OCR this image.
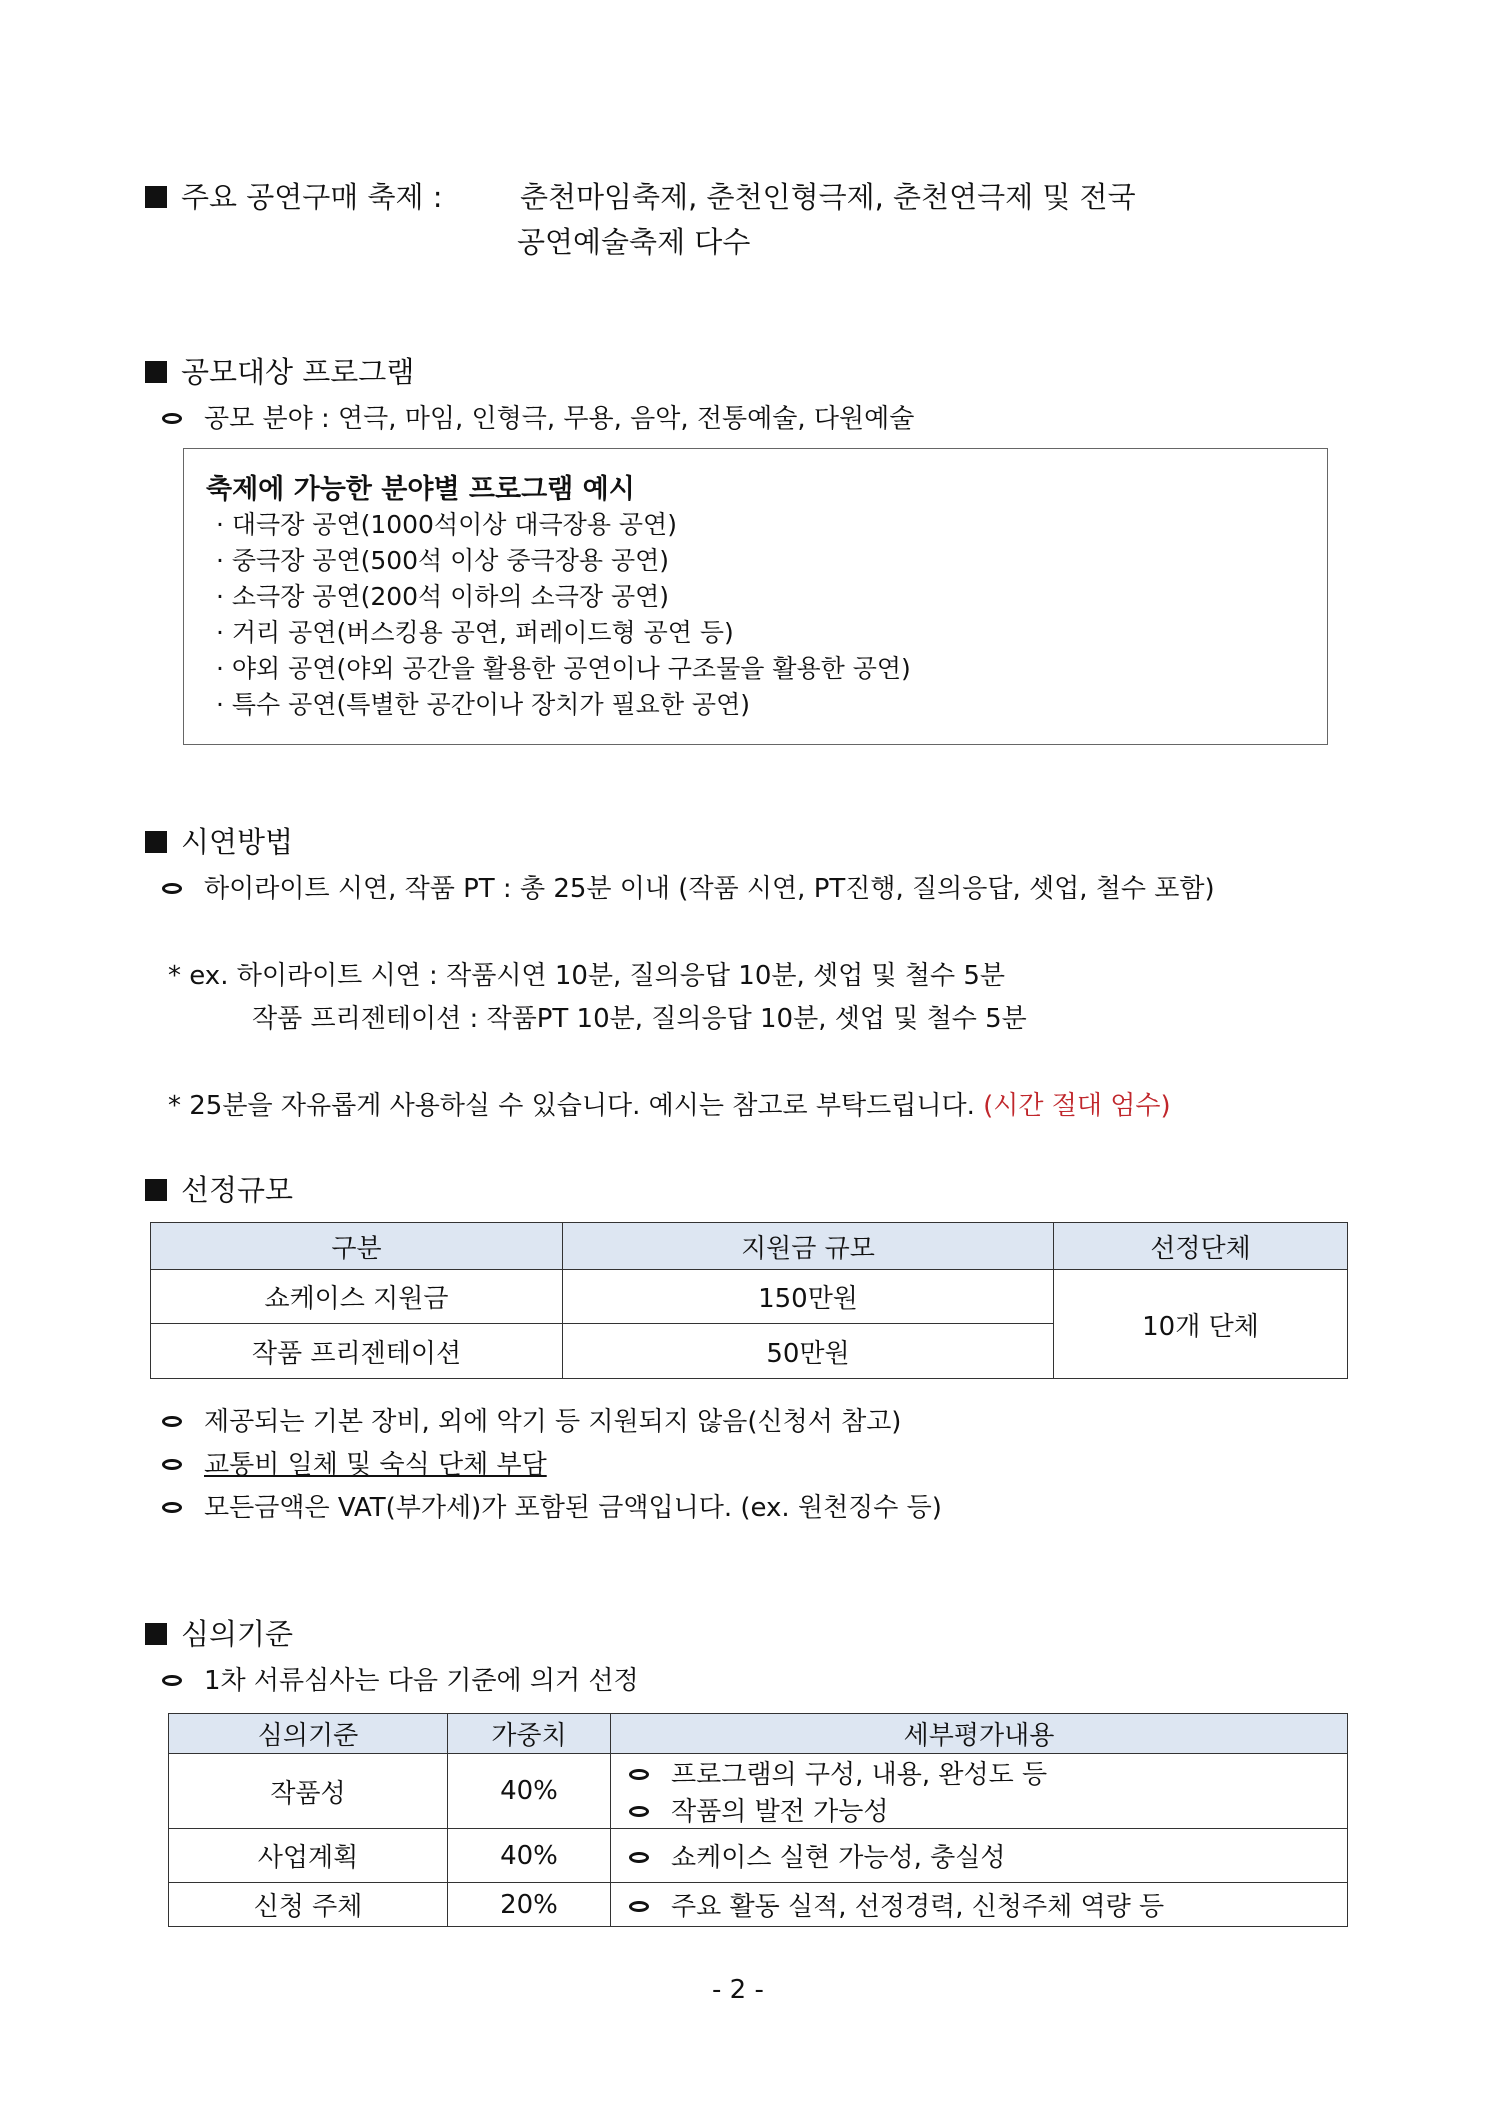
주요 공연구매 축제 :	춘천마임축제, 춘천인형극제, 춘천연극제 및 전국
공연예술축제 다수
공모대상 프로그램
공모 분야 : 연극, 마임, 인형극, 무용, 음악, 전통예술, 다원예술
축제에 가능한 분야별 프로그램 예시
· 대극장 공연(1000석이상 대극장용 공연)
· 중극장 공연(500석 이상 중극장용 공연)
· 소극장 공연(200석 이하의 소극장 공연)
· 거리 공연(버스킹용 공연, 퍼레이드형 공연 등)
· 야외 공연(야외 공간을 활용한 공연이나 구조물을 활용한 공연)
· 특수 공연(특별한 공간이나 장치가 필요한 공연)
시연방법
하이라이트 시연, 작품 PT : 총 25분 이내 (작품 시연, PT진행, 질의응답, 셋업, 철수 포함)
* ex. 하이라이트 시연 : 작품시연 10분, 질의응답 10분, 셋업 및 철수 5분
작품 프리젠테이션 : 작품PT 10분, 질의응답 10분, 셋업 및 철수 5분
* 25분을 자유롭게 사용하실 수 있습니다. 예시는 참고로 부탁드립니다. (시간 절대 엄수)
선정규모
구분	지원금 규모	선정단체
쇼케이스 지원금	150만원	10개 단체
작품 프리젠테이션	50만원	
제공되는 기본 장비, 외에 악기 등 지원되지 않음(신청서 참고)
교통비 일체 및 숙식 단체 부담
모든금액은 VAT(부가세)가 포함된 금액입니다. (ex. 원천징수 등)
심의기준
1차 서류심사는 다음 기준에 의거 선정
심의기준	가중치	세부평가내용
작품성	40%	프로그램의 구성, 내용, 완성도 등
작품의 발전 가능성

사업계획	40%	쇼케이스 실현 가능성, 충실성
신청 주체	20%	주요 활동 실적, 선정경력, 신청주체 역량 등
- 2 -
